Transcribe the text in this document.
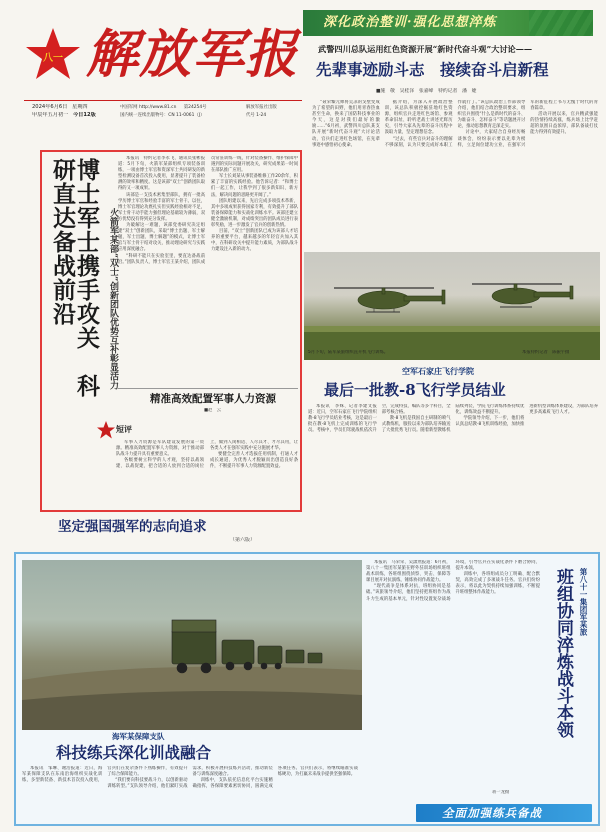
八一 解放军报
2024年6月6日 星期四
甲辰年五月初一 今日12版
中国军网 http://www.81.cn 第24254号
国内统一连续出版物号：CN 11-0061（J）
解放军报社出版
代号 1-24
深化政治整训·强化思想淬炼
武警四川总队运用红色资源开展“新时代奋斗观”大讨论——
先辈事迹励斗志　接续奋斗启新程
■施　敬　吴桂泽　张嘉峰　特约记者　潘　婕

“聂荣臻元帅将荒凉的戈壁变成为了希望的田野，他们用青春热血甚至生命，换来了国防科技事业的今天，这是对我们最好的激励……”6月初，武警四川总队某支队开展“新时代奋斗观”大讨论活动，官兵们走进红色场馆，在先辈事迹中感悟初心使命。

据介绍，为深入开展政治整训，该总队积极挖掘驻地红色资源，组织官兵走进红色场馆、参观革命旧址、聆听老战士讲述光辉历史，引导大家从先辈的奋斗历程中汲取力量，坚定理想信念。

“过去，有些官兵对奋斗的理解不够深刻，认为只要完成好本职工作就行了。”该总队政治工作部领导介绍，他们结合政治整训要求，组织官兵围绕“什么是新时代的奋斗、为谁奋斗、怎样奋斗”等话题展开讨论，推动思想教育走深走实。

讨论中，大家结合自身经历畅谈体会，纷纷表示要以先辈为榜样，立足岗位建功立业，在强军兴军的新征程上书写无愧于时代的青春篇章。

活动开展以来，官兵精武强能的热情持续高涨，练兵场上比学赶超的氛围日益浓厚，部队备战打仗能力得到有效提升。

博士军士携手攻关　科研直达备战前沿	火箭军某部“双士”创新团队优势互补彰显活力

本报讯　特约记者李永飞、通讯员张彬报道：5月下旬，火箭军某部组织专项装备训练，一项由博士军官和资深军士共同研发的新型检测设备首次投入使用，显著提升了装备检测的效率和精度。这是该部“双士”创新团队取得的又一项成果。

该部是一支技术密集型部队，拥有一批高学历博士军官和经验丰富的军士骨干。以往，博士军官理论功底扎实但实践经验相对不足，军士骨干动手能力强但理论基础较为薄弱，双方优势没有得到充分发挥。

为破解这一难题，该部党委研究决定组建“双士”创新团队，采取“博士出题、军士解题，军士出题、博士解题”的模式，让博士军官与军士骨干结对攻关，推动理论研究与实践应用深度融合。

“科研不能只在实验室里，要直达备战前沿。”团队负责人、博士军官王某介绍，团队成员常驻训练一线，针对装备操作、维护保障中遇到的实际问题开展攻关，研究成果第一时间在部队推广应用。

军士长刘某从事装备维修工作20余年，积累了丰富的实践经验。他告诉记者：“和博士们一起工作，让我学到了很多新知识、新方法，解决问题的思路更开阔了。”

团队组建以来，先后完成多项技术革新，其中多项成果获得国家专利，有效提升了部队装备保障能力和实战化训练水平。该部还建立健全激励机制，对成绩突出的团队成员进行表彰奖励，进一步激发了官兵的创新热情。

目前，“双士”创新团队已成为该部人才培养的重要平台，越来越多的年轻官兵加入其中，在科研攻关中提升能力素质，为部队战斗力建设注入新的动力。

精准高效配置军事人力资源
■赵　云
短评

军事人力资源是军队建设发展的第一资源。精准高效配置军事人力资源，对于推动部队战斗力提升具有重要意义。

各级要树立科学的人才观，坚持以战领建、以战促建，把合适的人放到合适的岗位上，做到人岗相适、人尽其才、才尽其用，让各类人才在强军实践中充分施展才华。

要健全完善人才选拔任用机制，打通人才成长通道，为优秀人才脱颖而出创造良好条件，不断提升军事人力资源配置效益。

坚定强国强军的志向追求
（第六版）
5月下旬，陆军某旅组织直升机飞行训练。	本报特约记者　陈振宇摄
空军石家庄飞行学院
最后一批教-8飞行学员结业

本报讯　李姝、记者李建文报道：近日，空军石家庄飞行学院组织教-8飞行学员结业考核，这是最后一批在教-8飞机上完成训练的飞行学员。考核中，学员们驾驶战机依次升空，完成特技、编队等多个科目，全部考核合格。

教-8飞机是我国自主研制的喷气式教练机，服役以来为部队培养输送了大批优秀飞行员。随着新型教练机陆续列装，学院飞行训练体系持续优化，训练效益不断提升。

学院领导介绍，下一步，他们将认真总结教-8飞机训练经验，加快推进新机型训练体系建设，为部队培养更多高素质飞行人才。

海军某保障支队
科技练兵深化训战融合

本报讯　邹琳、谢浩报道：近日，海军某保障支队在东南沿海组织实战化训练，多型新装备、新技术首次投入使用，官兵们在复杂条件下熟练操作，有效提升了综合保障能力。

“我们要向科技要战斗力，以创新驱动训练转型。”支队领导介绍，他们紧盯实战需求，积极开展科技练兵活动，推动新装备与训练深度融合。

训练中，支队依托信息化平台实施精确指挥，各保障要素密切协同，圆满完成各项任务。官兵们表示，将继续瞄准实战练硬功，为打赢未来战争提供坚强保障。

本报讯　马荣荣、吴潇然报道：6月初，第八十一集团军某旅在野外驻训场组织班组战术训练，各班组围绕侦察、突击、保障等课目展开对抗演练，锤炼协同作战能力。

“现代战争是体系对抗，班组协同是基础。”该旅领导介绍，他们坚持把班组作为战斗力生成的基本单元，针对性设置复杂战场环境，引导官兵在实战化条件下磨合协同、提升本领。

训练中，各班组成员分工明确、配合默契，高效完成了多项战斗任务。官兵们纷纷表示，将以此为契机持续加强训练，不断提升班组整体作战能力。	第八十一集团军某旅
班组协同淬炼战斗本领
蒋一龙摄
全面加强练兵备战
